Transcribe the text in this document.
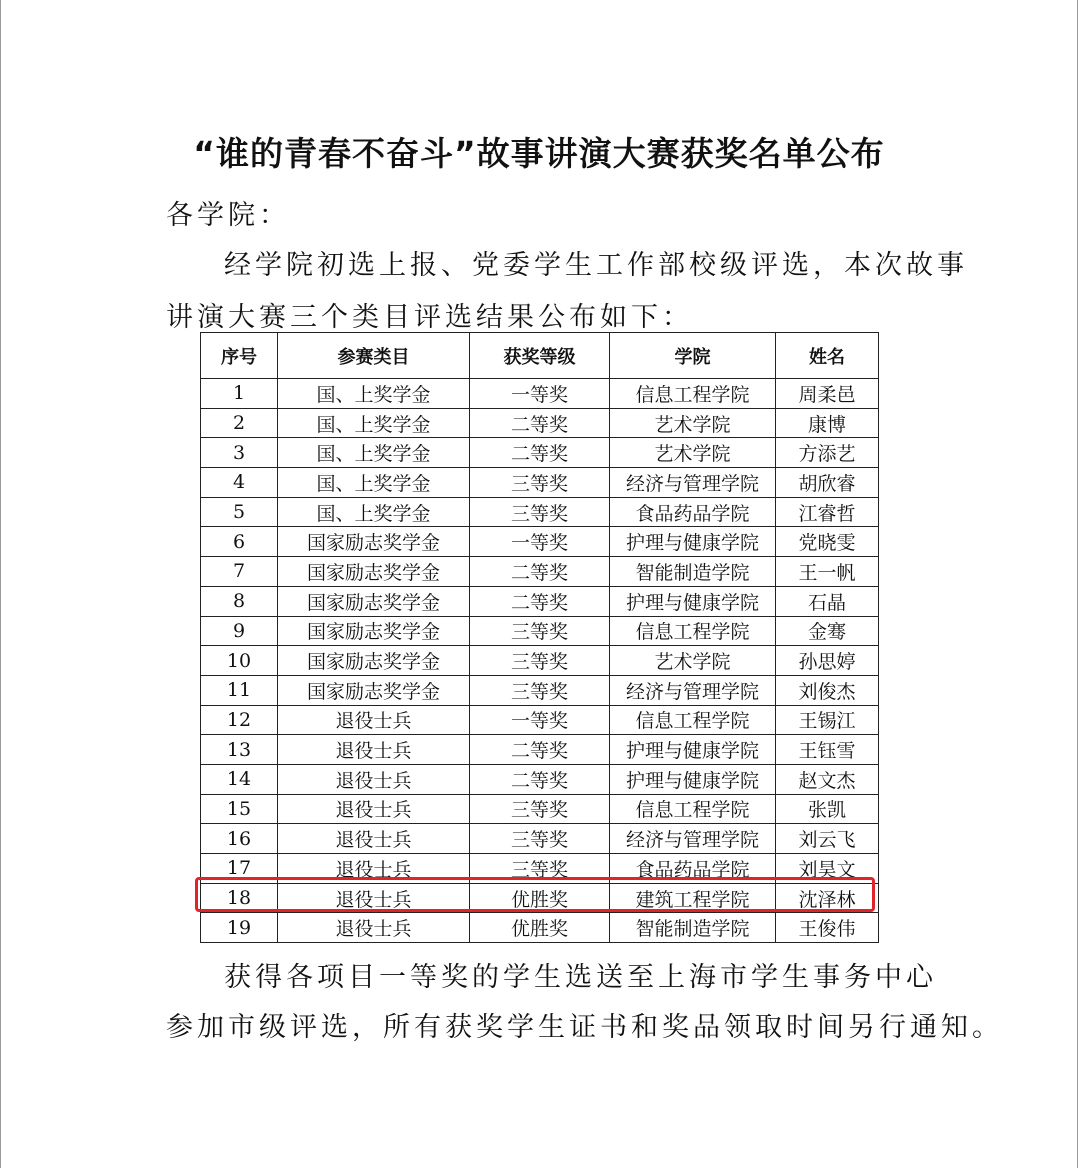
“谁的青春不奋斗”故事讲演大赛获奖名单公布
各学院：
经学院初选上报、党委学生工作部校级评选，本次故事
讲演大赛三个类目评选结果公布如下：
序号	参赛类目	获奖等级	学院	姓名
1	国、上奖学金	一等奖	信息工程学院	周柔邑
2	国、上奖学金	二等奖	艺术学院	康博
3	国、上奖学金	二等奖	艺术学院	方添艺
4	国、上奖学金	三等奖	经济与管理学院	胡欣睿
5	国、上奖学金	三等奖	食品药品学院	江睿哲
6	国家励志奖学金	一等奖	护理与健康学院	党晓雯
7	国家励志奖学金	二等奖	智能制造学院	王一帆
8	国家励志奖学金	二等奖	护理与健康学院	石晶
9	国家励志奖学金	三等奖	信息工程学院	金骞
10	国家励志奖学金	三等奖	艺术学院	孙思婷
11	国家励志奖学金	三等奖	经济与管理学院	刘俊杰
12	退役士兵	一等奖	信息工程学院	王锡江
13	退役士兵	二等奖	护理与健康学院	王钰雪
14	退役士兵	二等奖	护理与健康学院	赵文杰
15	退役士兵	三等奖	信息工程学院	张凯
16	退役士兵	三等奖	经济与管理学院	刘云飞
17	退役士兵	三等奖	食品药品学院	刘昊文
18	退役士兵	优胜奖	建筑工程学院	沈泽林
19	退役士兵	优胜奖	智能制造学院	王俊伟
获得各项目一等奖的学生选送至上海市学生事务中心
参加市级评选，所有获奖学生证书和奖品领取时间另行通知。
